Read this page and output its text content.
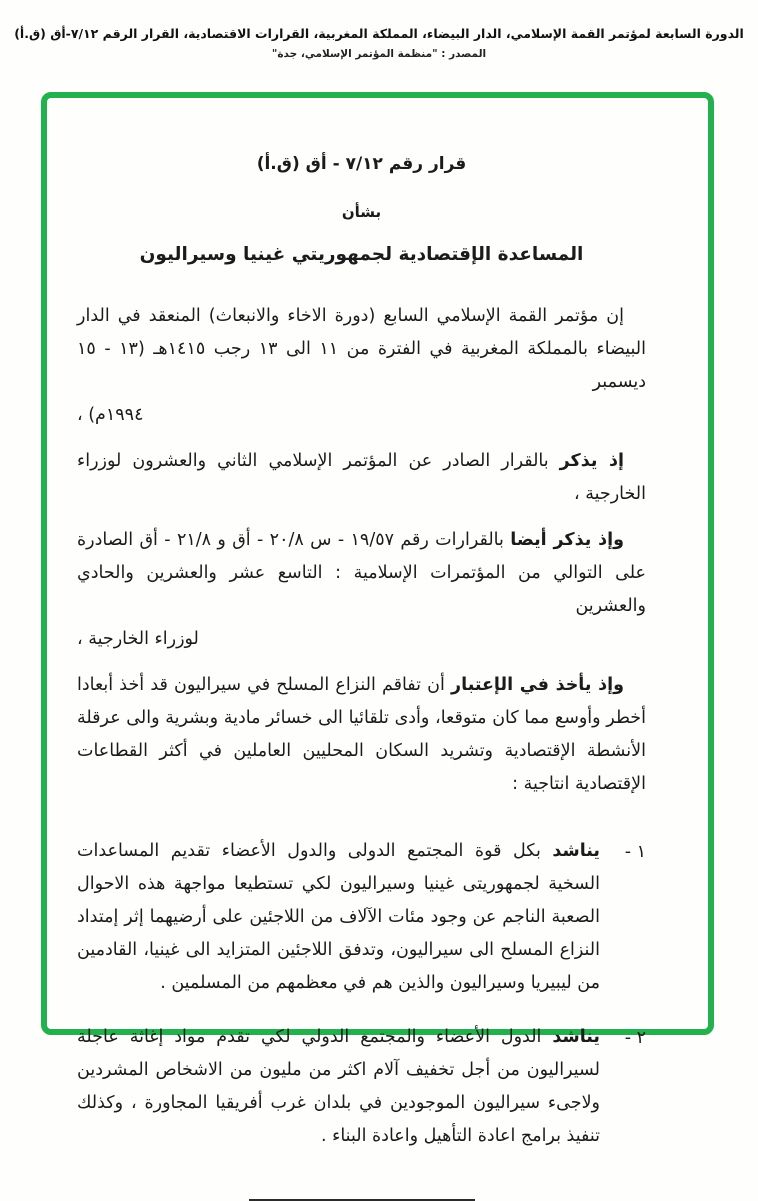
الدورة السابعة لمؤتمر القمة الإسلامي، الدار البيضاء، المملكة المغربية، القرارات الاقتصادية، القرار الرقم ٧/١٢-أق (ق.أ)
المصدر : "منظمة المؤتمر الإسلامي، جدة"
قرار رقم ٧/١٢ - أق (ق.أ)
بشأن
المساعدة الإقتصادية لجمهوريتي غينيا وسيراليون
إن مؤتمر القمة الإسلامي السابع (دورة الاخاء والانبعاث) المنعقد في الدار البيضاء بالمملكة المغربية في الفترة من ١١ الى ١٣ رجب ١٤١٥هـ (١٣ - ١٥ ديسمبر
١٩٩٤م) ،
إذ يذكر بالقرار الصادر عن المؤتمر الإسلامي الثاني والعشرون لوزراء الخارجية ،
وإذ يذكر أيضا بالقرارات رقم ١٩/٥٧ - س ٢٠/٨ - أق و ٢١/٨ - أق الصادرة على التوالي من المؤتمرات الإسلامية : التاسع عشر والعشرين والحادي والعشرين
لوزراء الخارجية ،
وإذ يأخذ في الإعتبار أن تفاقم النزاع المسلح في سيراليون قد أخذ أبعادا أخطر وأوسع مما كان متوقعا، وأدى تلقائيا الى خسائر مادية وبشرية والى عرقلة الأنشطة الإقتصادية وتشريد السكان المحليين العاملين في أكثر القطاعات الإقتصادية انتاجية :
١ -
يناشد بكل قوة المجتمع الدولى والدول الأعضاء تقديم المساعدات السخية لجمهوريتى غينيا وسيراليون لكي تستطيعا مواجهة هذه الاحوال الصعبة الناجم عن وجود مئات الآلاف من اللاجئين على أرضيهما إثر إمتداد النزاع المسلح الى سيراليون، وتدفق اللاجئين المتزايد الى غينيا، القادمين من ليبيريا وسيراليون والذين هم في معظمهم من المسلمين .
٢ -
يناشد الدول الأعضاء والمجتمع الدولي لكي تقدم مواد إغاثة عاجلة لسيراليون من أجل تخفيف آلام اكثر من مليون من الاشخاص المشردين ولاجىء سيراليون الموجودين في بلدان غرب أفريقيا المجاورة ، وكذلك تنفيذ برامج اعادة التأهيل واعادة البناء .
